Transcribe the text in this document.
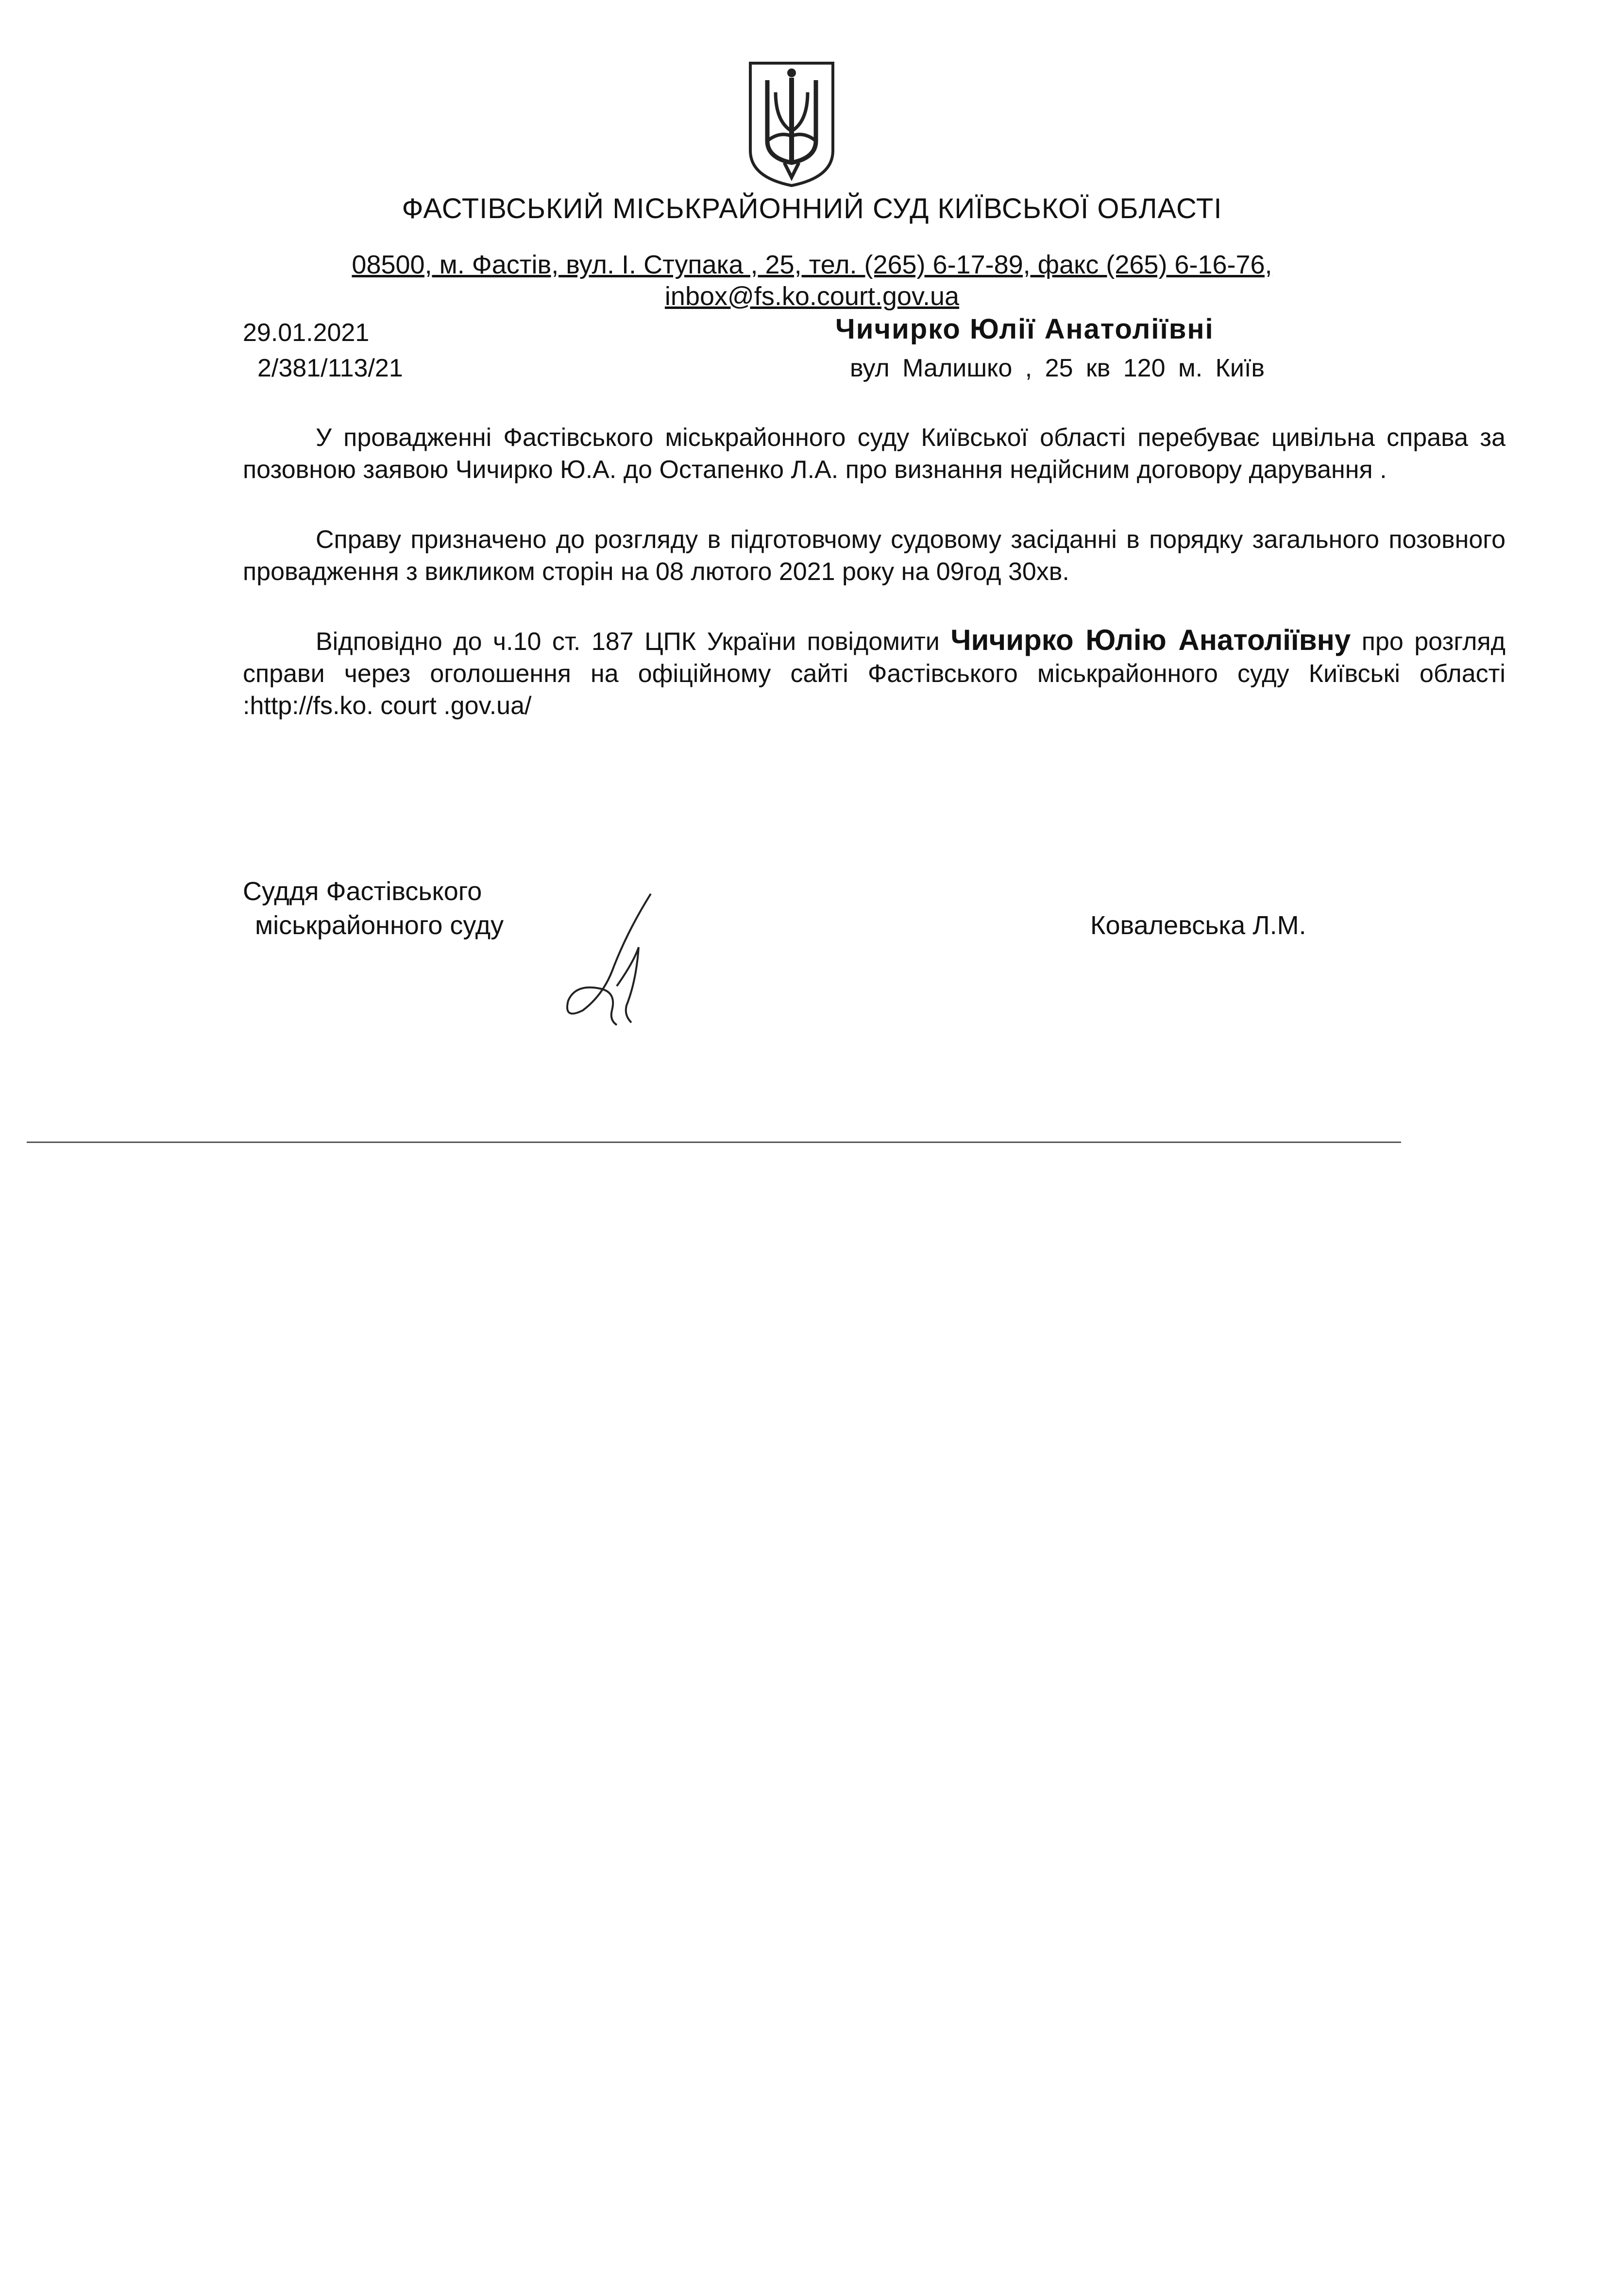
ФАСТІВСЬКИЙ МІСЬКРАЙОННИЙ СУД КИЇВСЬКОЇ ОБЛАСТІ
08500, м. Фастів, вул. І. Ступака , 25, тел. (265) 6-17-89, факс (265) 6-16-76,
inbox@fs.ko.court.gov.ua
29.01.2021
2/381/113/21
Чичирко Юлії Анатоліївні
вул Малишко , 25 кв 120 м. Київ
У провадженні Фастівського міськрайонного суду Київської області перебуває цивільна справа за позовною заявою Чичирко Ю.А. до Остапенко Л.А. про визнання недійсним договору дарування .
Справу призначено до розгляду в підготовчому судовому засіданні в порядку загального позовного провадження з викликом сторін на 08 лютого 2021 року на 09год 30хв.
Відповідно до ч.10 ст. 187 ЦПК України повідомити Чичирко Юлію Анатоліївну про розгляд справи через оголошення на офіційному сайті Фастівського міськрайонного суду Київські області :http://fs.ko. court .gov.ua/
Суддя Фастівського
міськрайонного суду	Ковалевська Л.М.
